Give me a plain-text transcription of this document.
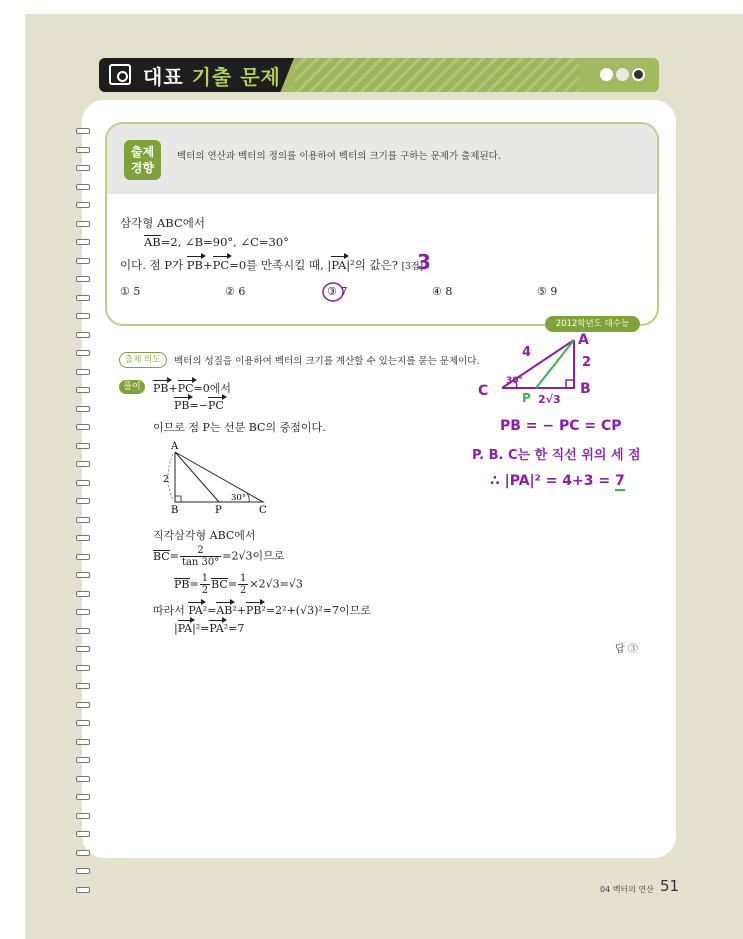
대표 기출 문제
출제
경향
벡터의 연산과 벡터의 정의를 이용하여 벡터의 크기를 구하는 문제가 출제된다.
삼각형 ABC에서
AB=2, ∠B=90°, ∠C=30°
이다. 점 P가 PB+PC=0를 만족시킬 때, |PA|²의 값은? [3점]
① 5	② 6	③ 7	④ 8	⑤ 9
2012학년도 대수능
출제 의도	벡터의 성질을 이용하여 벡터의 크기를 계산할 수 있는지를 묻는 문제이다.
풀이	PB+PC=0에서
PB=−PC
이므로 점 P는 선분 BC의 중점이다.
A
2
30°
B	P	C
직각삼각형 ABC에서
$BC= \frac{2}{\tan 30^\circ} =2√3$이므로
$PB= \frac{1}{2} BC= \frac{1}{2} \times 2√3=√3$
따라서 PA²=AB²+PB²=2²+(√3)²=7이므로
|PA|²=PA²=7
답 ③
3
4
A
2
C	B
30°
P 2√3
PB = − PC = CP
P. B. C는 한 직선 위의 세 점
∴ |PA|² = 4+3 = 7
04 벡터의 연산 51
